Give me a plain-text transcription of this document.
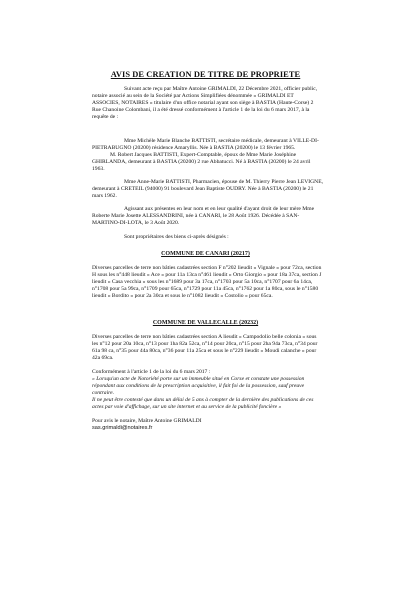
AVIS DE CREATION DE TITRE DE PROPRIETE
Suivant acte reçu par Maître Antoine GRIMALDI, 22 Décembre 2021, officier public,
notaire associé au sein de la Société par Actions Simplifiées dénommée « GRIMALDI ET
ASSOCIES, NOTAIRES » titulaire d'un office notarial ayant son siège à BASTIA (Haute-Corse) 2
Rue Chanoine Colombani, il a été dressé conformément à l'article 1 de la loi du 6 mars 2017, à la
requête de :
Mme Michèle Marie Blanche BATTISTI, secrétaire médicale, demeurant à VILLE-DI-
PIETRABUGNO (20200) résidence Amaryllis. Née à BASTIA (20200) le 13 février 1965.
M. Robert Jacques BATTISTI, Expert-Comptable, époux de Mme Marie Joséphine
GHIRLANDA, demeurant à BASTIA (20200) 2 rue Abbatucci. Né à BASTIA (20200) le 24 avril
1963.
Mme Anne-Marie BATTISTI, Pharmacien, épouse de M. Thierry Pierre Jean LEVIGNE,
demeurant à CRETEIL (94000) 91 boulevard Jean Baptiste OUDRY. Née à BASTIA (20200) le 21
mars 1962.
Agissant aux présentes en leur nom et en leur qualité d'ayant droit de leur mère Mme
Roberte Marie Josette ALESSANDRINI, née à CANARI, le 28 Août 1926. Décédée à SAN-
MARTINO-DI-LOTA, le 3 Août 2020.
Sont propriétaires des biens ci-après désignés :
COMMUNE DE CANARI (20217)
Diverses parcelles de terre non bâties cadastrées section F n°202 lieudit « Vignale » pour 72ca, section
H sous les n°448 lieudit « Ace » pour 11a 13ca n°461 lieudit « Orto Giorgio » pour 18a 37ca, section J
lieudit « Casa vecchia » sous les n°1689 pour 3a 17ca, n°1703 pour 5a 10ca, n°1707 pour 6a 14ca,
n°1708 pour 5a 99ca, n°1709 pour 65ca, n°1729 pour 11a 45ca, n°1762 pour 1a 80ca, sous le n°1580
lieudit « Bordito » pour 2a 30ca et sous le n°1082 lieudit « Costolio » pour 65ca.
COMMUNE DE VALLECALLE (20232)
Diverses parcelles de terre non bâties cadastrées section A lieudit « Campodolio belle colonia » sous
les n°12 pour 20a 10ca, n°13 pour 1ha 82a 52ca, n°14 pour 20ca, n°15 pour 2ha 94a 73ca, n°34 pour
61a 98 ca, n°35 pour 44a 80ca, n°36 pour 11a 25ca et sous le n°229 lieudit « Moudi calanche » pour
42a 69ca.
Conformément à l'article 1 de la loi du 6 mars 2017 :
« Lorsqu'un acte de Notoriété porte sur un immeuble situé en Corse et constate une possession
répondant aux conditions de la prescription acquisitive, il fait foi de la possession, sauf preuve
contraire.
Il ne peut être contesté que dans un délai de 5 ans à compter de la dernière des publications de ces
actes par voie d'affichage, sur un site internet et au service de la publicité foncière »
Pour avis le notaire, Maître Antoine GRIMALDI
sas.grimaldi@notaires.fr
